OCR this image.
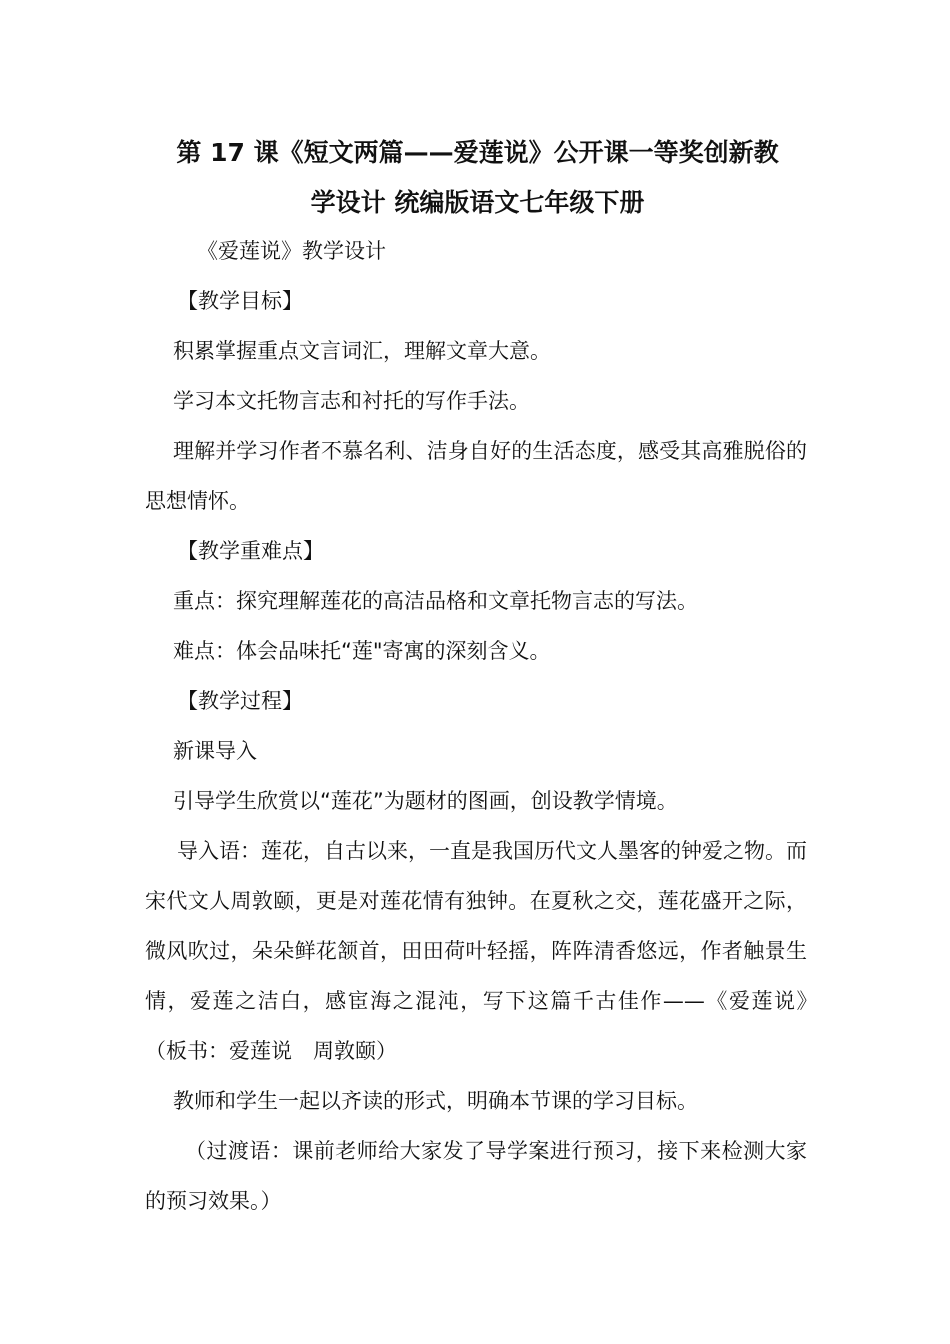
第 17 课《短文两篇——爱莲说》公开课一等奖创新教
学设计 统编版语文七年级下册

《爱莲说》教学设计

【教学目标】

积累掌握重点文言词汇，理解文章大意。

学习本文托物言志和衬托的写作手法。

理解并学习作者不慕名利、洁身自好的生活态度，感受其高雅脱俗的思想情怀。

【教学重难点】

重点：探究理解莲花的高洁品格和文章托物言志的写法。

难点：体会品味托“莲"寄寓的深刻含义。

【教学过程】

新课导入

引导学生欣赏以“莲花”为题材的图画，创设教学情境。

导入语：莲花，自古以来，一直是我国历代文人墨客的钟爱之物。而宋代文人周敦颐，更是对莲花情有独钟。在夏秋之交，莲花盛开之际，微风吹过，朵朵鲜花颔首，田田荷叶轻摇，阵阵清香悠远，作者触景生情，爱莲之洁白，感宦海之混沌，写下这篇千古佳作——《爱莲说》　（板书：爱莲说　周敦颐）

教师和学生一起以齐读的形式，明确本节课的学习目标。

（过渡语：课前老师给大家发了导学案进行预习，接下来检测大家的预习效果。）
